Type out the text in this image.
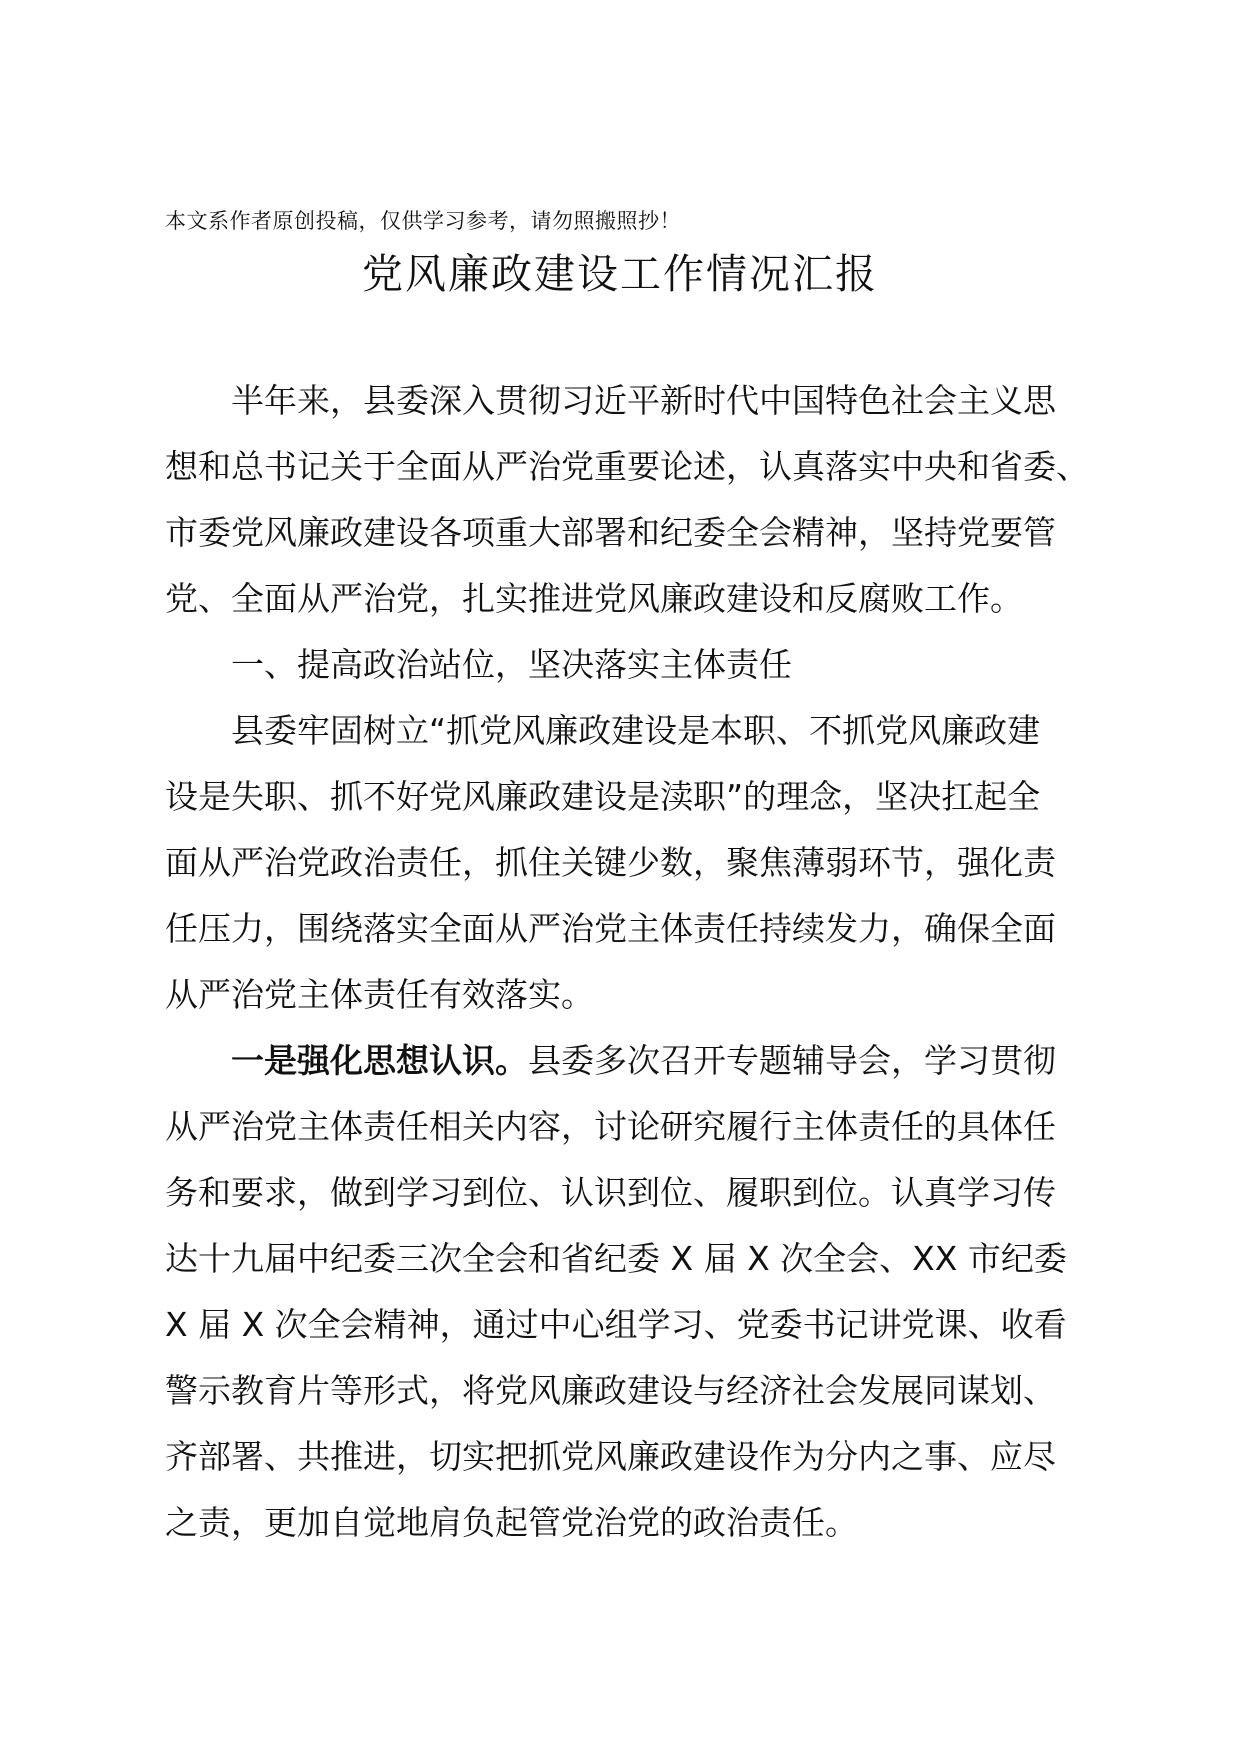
本文系作者原创投稿，仅供学习参考，请勿照搬照抄！
党风廉政建设工作情况汇报
半年来，县委深入贯彻习近平新时代中国特色社会主义思
想和总书记关于全面从严治党重要论述，认真落实中央和省委、
市委党风廉政建设各项重大部署和纪委全会精神，坚持党要管
党、全面从严治党，扎实推进党风廉政建设和反腐败工作。
一、提高政治站位，坚决落实主体责任
县委牢固树立“抓党风廉政建设是本职、不抓党风廉政建
设是失职、抓不好党风廉政建设是渎职”的理念，坚决扛起全
面从严治党政治责任，抓住关键少数，聚焦薄弱环节，强化责
任压力，围绕落实全面从严治党主体责任持续发力，确保全面
从严治党主体责任有效落实。
一是强化思想认识。县委多次召开专题辅导会，学习贯彻
从严治党主体责任相关内容，讨论研究履行主体责任的具体任
务和要求，做到学习到位、认识到位、履职到位。认真学习传
达十九届中纪委三次全会和省纪委 X 届 X 次全会、XX 市纪委
X 届 X 次全会精神，通过中心组学习、党委书记讲党课、收看
警示教育片等形式，将党风廉政建设与经济社会发展同谋划、
齐部署、共推进，切实把抓党风廉政建设作为分内之事、应尽
之责，更加自觉地肩负起管党治党的政治责任。
